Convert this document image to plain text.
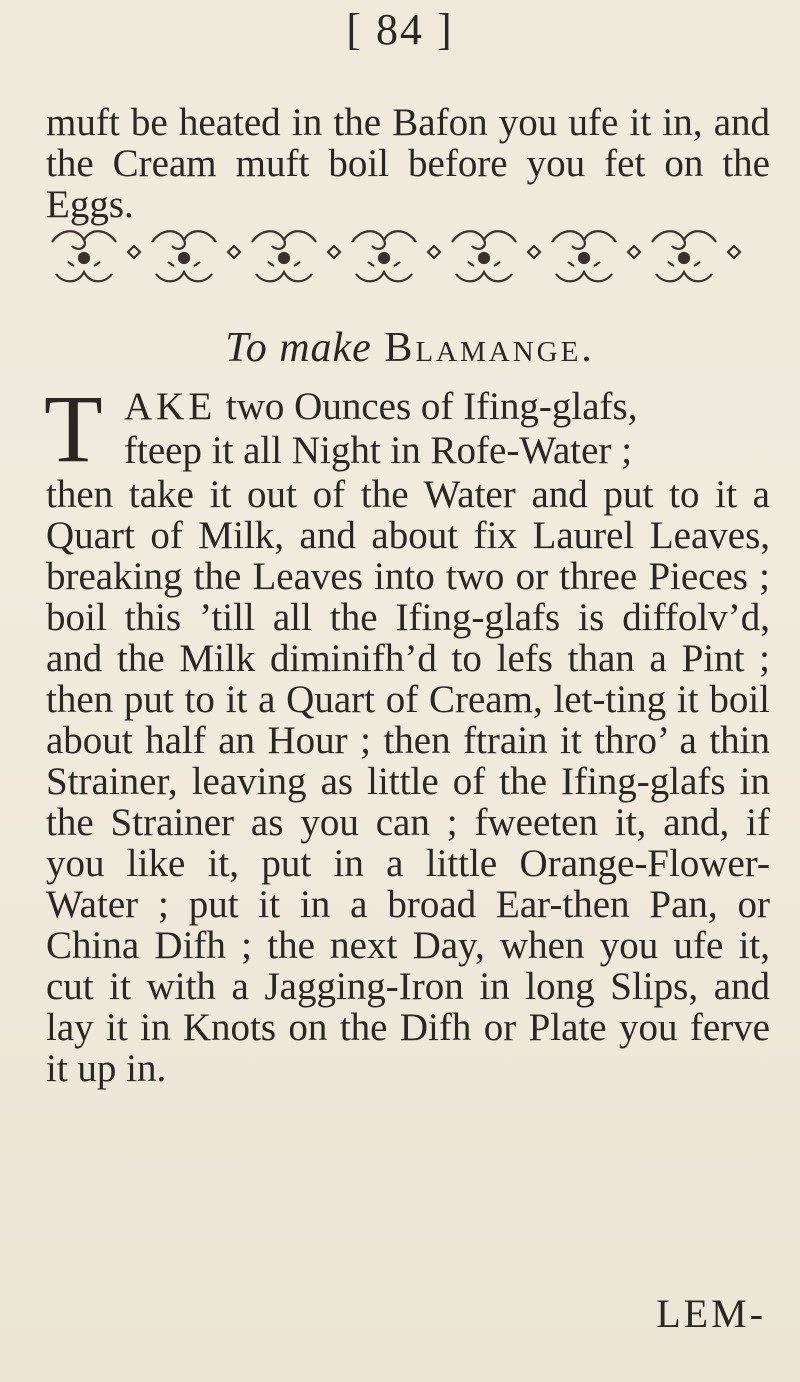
[ 84 ]

muft be heated in the Bafon you ufe it in, and the Cream muft boil before you fet on the Eggs.

To make Blamange.
T AKE two Ounces of Ifing-glafs,
fteep it all Night in Rofe-Water ;

then take it out of the Water and put to it a Quart of Milk, and about fix Laurel Leaves, breaking the Leaves into two or three Pieces ; boil this ’till all the Ifing-glafs is diffolv’d, and the Milk diminifh’d to lefs than a Pint ; then put to it a Quart of Cream, let-ting it boil about half an Hour ; then ftrain it thro’ a thin Strainer, leaving as little of the Ifing-glafs in the Strainer as you can ; fweeten it, and, if you like it, put in a little Orange-Flower-Water ; put it in a broad Ear-then Pan, or China Difh ; the next Day, when you ufe it, cut it with a Jagging-Iron in long Slips, and lay it in Knots on the Difh or Plate you ferve it up in.

LEM-
